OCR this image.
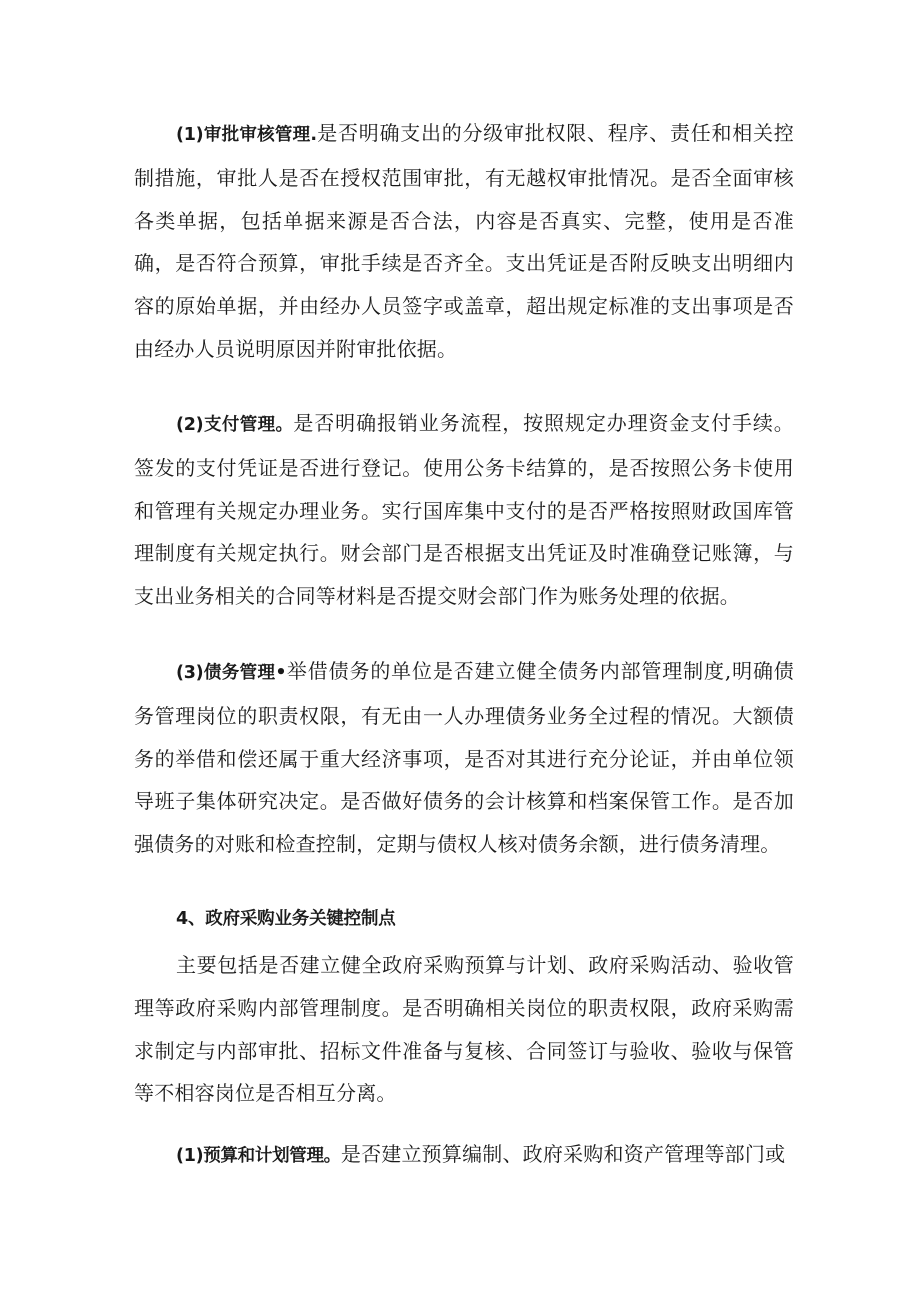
(1)审批审核管理.是否明确支出的分级审批权限、程序、责任和相关控制措施，审批人是否在授权范围审批，有无越权审批情况。是否全面审核各类单据，包括单据来源是否合法，内容是否真实、完整，使用是否准确，是否符合预算，审批手续是否齐全。支出凭证是否附反映支出明细内容的原始单据，并由经办人员签字或盖章，超出规定标准的支出事项是否由经办人员说明原因并附审批依据。

(2)支付管理。是否明确报销业务流程，按照规定办理资金支付手续。签发的支付凭证是否进行登记。使用公务卡结算的，是否按照公务卡使用和管理有关规定办理业务。实行国库集中支付的是否严格按照财政国库管理制度有关规定执行。财会部门是否根据支出凭证及时准确登记账簿，与支出业务相关的合同等材料是否提交财会部门作为账务处理的依据。

(3)债务管理•举借债务的单位是否建立健全债务内部管理制度,明确债务管理岗位的职责权限，有无由一人办理债务业务全过程的情况。大额债务的举借和偿还属于重大经济事项，是否对其进行充分论证，并由单位领导班子集体研究决定。是否做好债务的会计核算和档案保管工作。是否加强债务的对账和检查控制，定期与债权人核对债务余额，进行债务清理。

4、政府采购业务关键控制点

主要包括是否建立健全政府采购预算与计划、政府采购活动、验收管理等政府采购内部管理制度。是否明确相关岗位的职责权限，政府采购需求制定与内部审批、招标文件准备与复核、合同签订与验收、验收与保管等不相容岗位是否相互分离。

(1)预算和计划管理。是否建立预算编制、政府采购和资产管理等部门或
